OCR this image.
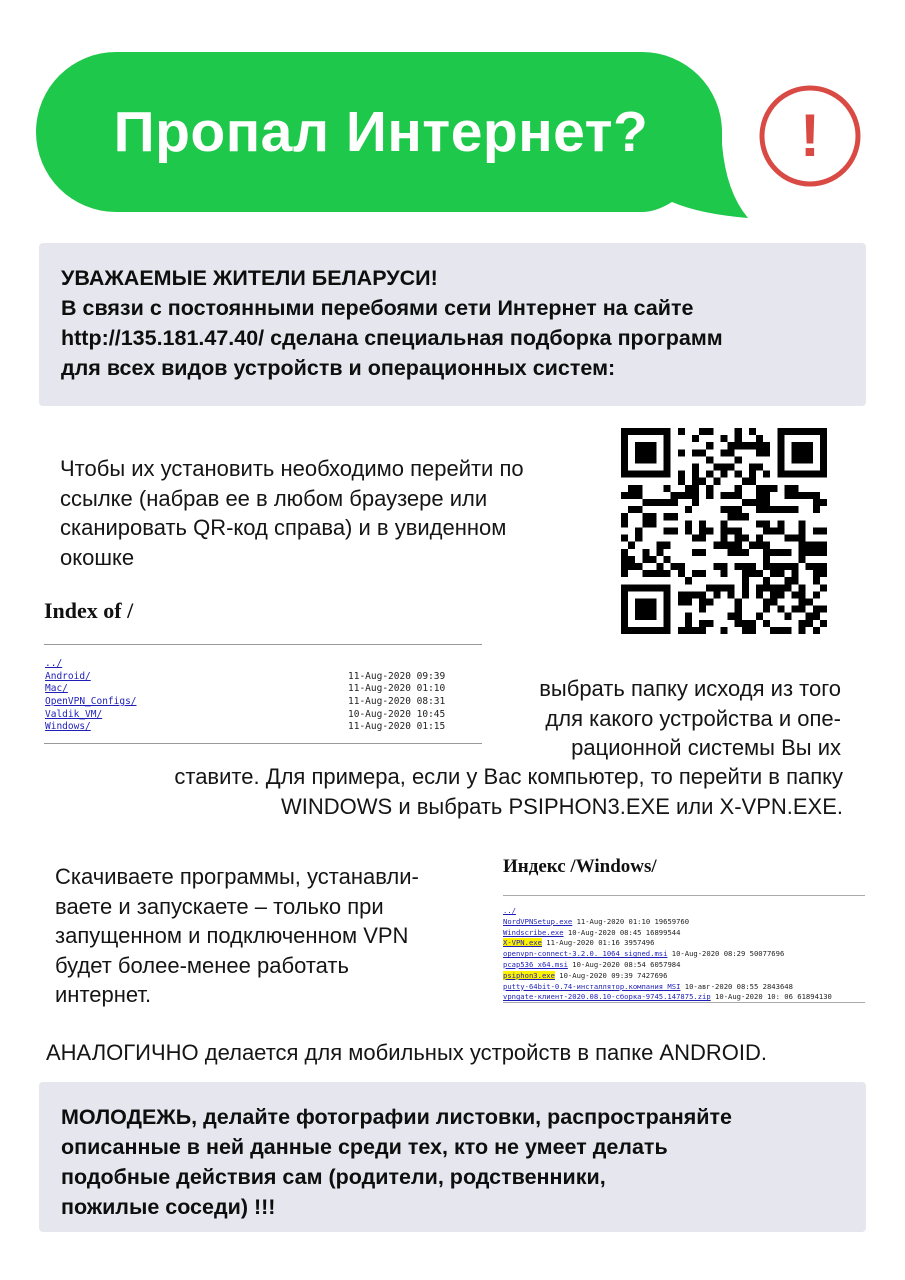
Пропал Интернет?	!
УВАЖАЕМЫЕ ЖИТЕЛИ БЕЛАРУСИ!
В связи с постоянными перебоями сети Интернет на сайте
http://135.181.47.40/ сделана специальная подборка программ
для всех видов устройств и операционных систем:
Чтобы их установить необходимо перейти по
ссылке (набрав ее в любом браузере или
сканировать QR-код справа) и в увиденном
окошке
Index of /
../
Android/	11-Aug-2020 09:39
Mac/	11-Aug-2020 01:10
OpenVPN_Configs/	11-Aug-2020 08:31
Valdik_VM/	10-Aug-2020 10:45
Windows/	11-Aug-2020 01:15
выбрать папку исходя из того
для какого устройства и опе-
рационной системы Вы их
ставите. Для примера, если у Вас компьютер, то перейти в папку
WINDOWS и выбрать PSIPHON3.EXE или X-VPN.EXE.
Скачиваете программы, устанавли-
ваете и запускаете – только при
запущенном и подключенном VPN
будет более-менее работать
интернет.
Индекс /Windows/
../
NordVPNSetup.exe 11-Aug-2020 01:10 19659760
Windscribe.exe 10-Aug-2020 08:45 16899544
X-VPN.exe 11-Aug-2020 01:16 3957496
openvpn-connect-3.2.0. 1064_signed.msi 10-Aug-2020 08:29 50077696
pcap536_x64.msi 10-Aug-2020 08:54 6057984
psiphon3.exe 10-Aug-2020 09:39 7427696
putty-64bit-0.74-инсталлятор.компания MSI 10-авг-2020 08:55 2843648
vpngate-клиент-2020.08.10-сборка-9745.147875.zip 10-Aug-2020 10: 06 61894130
АНАЛОГИЧНО делается для мобильных устройств в папке ANDROID.
МОЛОДЕЖЬ, делайте фотографии листовки, распространяйте
описанные в ней данные среди тех, кто не умеет делать
подобные действия сам (родители, родственники,
пожилые соседи) !!!
